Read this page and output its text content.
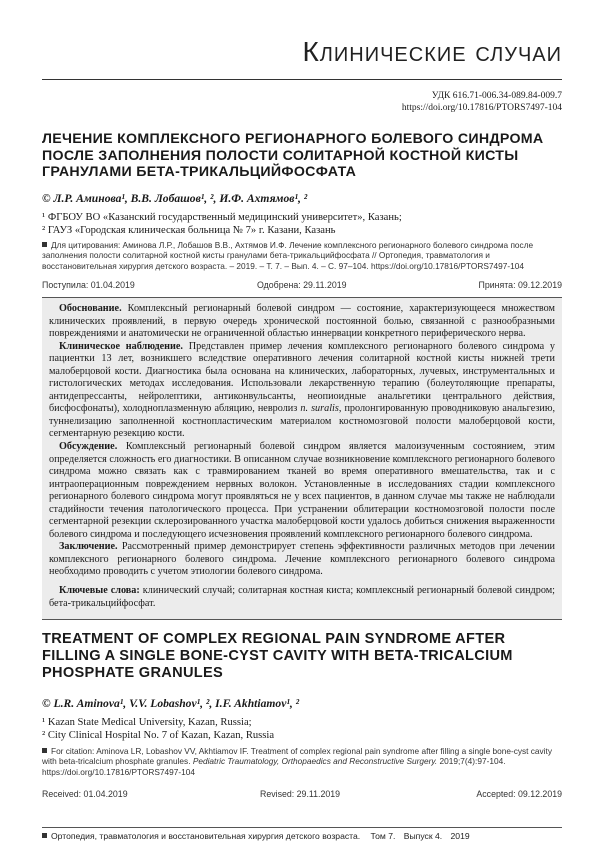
Клинические случаи
УДК 616.71-006.34-089.84-009.7
https://doi.org/10.17816/PTORS7497-104
ЛЕЧЕНИЕ КОМПЛЕКСНОГО РЕГИОНАРНОГО БОЛЕВОГО СИНДРОМА ПОСЛЕ ЗАПОЛНЕНИЯ ПОЛОСТИ СОЛИТАРНОЙ КОСТНОЙ КИСТЫ ГРАНУЛАМИ БЕТА-ТРИКАЛЬЦИЙФОСФАТА
© Л.Р. Аминова¹, В.В. Лобашов¹, ², И.Ф. Ахтямов¹, ²
¹ ФГБОУ ВО «Казанский государственный медицинский университет», Казань;
² ГАУЗ «Городская клиническая больница № 7» г. Казани, Казань
Для цитирования: Аминова Л.Р., Лобашов В.В., Ахтямов И.Ф. Лечение комплексного регионарного болевого синдрома после заполнения полости солитарной костной кисты гранулами бета-трикальцийфосфата // Ортопедия, травматология и восстановительная хирургия детского возраста. – 2019. – Т. 7. – Вып. 4. – С. 97–104. https://doi.org/10.17816/PTORS7497-104
Поступила: 01.04.2019	Одобрена: 29.11.2019	Принята: 09.12.2019

Обоснование. Комплексный регионарный болевой синдром — состояние, характеризующееся множеством клинических проявлений, в первую очередь хронической постоянной болью, связанной с разнообразными повреждениями и анатомически не ограниченной областью иннервации конкретного периферического нерва.

Клиническое наблюдение. Представлен пример лечения комплексного регионарного болевого синдрома у пациентки 13 лет, возникшего вследствие оперативного лечения солитарной костной кисты нижней трети малоберцовой кости. Диагностика была основана на клинических, лабораторных, лучевых, инструментальных и гистологических методах исследования. Использовали лекарственную терапию (болеутоляющие препараты, антидепрессанты, нейролептики, антиконвульсанты, неопиоидные анальгетики центрального действия, бисфосфонаты), холодноплазменную абляцию, невролиз n. suralis, пролонгированную проводниковую анальгезию, туннелизацию заполненной костнопластическим материалом костномозговой полости малоберцовой кости, сегментарную резекцию кости.

Обсуждение. Комплексный регионарный болевой синдром является малоизученным состоянием, этим определяется сложность его диагностики. В описанном случае возникновение комплексного регионарного болевого синдрома можно связать как с травмированием тканей во время оперативного вмешательства, так и с интраоперационным повреждением нервных волокон. Установленные в исследованиях стадии комплексного регионарного болевого синдрома могут проявляться не у всех пациентов, в данном случае мы также не наблюдали стадийности течения патологического процесса. При устранении облитерации костномозговой полости после сегментарной резекции склерозированного участка малоберцовой кости удалось добиться снижения выраженности болевого синдрома и последующего исчезновения проявлений комплексного регионарного болевого синдрома.

Заключение. Рассмотренный пример демонстрирует степень эффективности различных методов при лечении комплексного регионарного болевого синдрома. Лечение комплексного регионарного болевого синдрома необходимо проводить с учетом этиологии болевого синдрома.

Ключевые слова: клинический случай; солитарная костная киста; комплексный регионарный болевой синдром; бета-трикальцийфосфат.

TREATMENT OF COMPLEX REGIONAL PAIN SYNDROME AFTER FILLING A SINGLE BONE-CYST CAVITY WITH BETA-TRICALCIUM PHOSPHATE GRANULES
© L.R. Aminova¹, V.V. Lobashov¹, ², I.F. Akhtiamov¹, ²
¹ Kazan State Medical University, Kazan, Russia;
² City Clinical Hospital No. 7 of Kazan, Kazan, Russia
For citation: Aminova LR, Lobashov VV, Akhtiamov IF. Treatment of complex regional pain syndrome after filling a single bone-cyst cavity with beta-tricalcium phosphate granules. Pediatric Traumatology, Orthopaedics and Reconstructive Surgery. 2019;7(4):97-104. https://doi.org/10.17816/PTORS7497-104
Received: 01.04.2019	Revised: 29.11.2019	Accepted: 09.12.2019
Ортопедия, травматология и восстановительная хирургия детского возраста. Том 7. Выпуск 4. 2019
